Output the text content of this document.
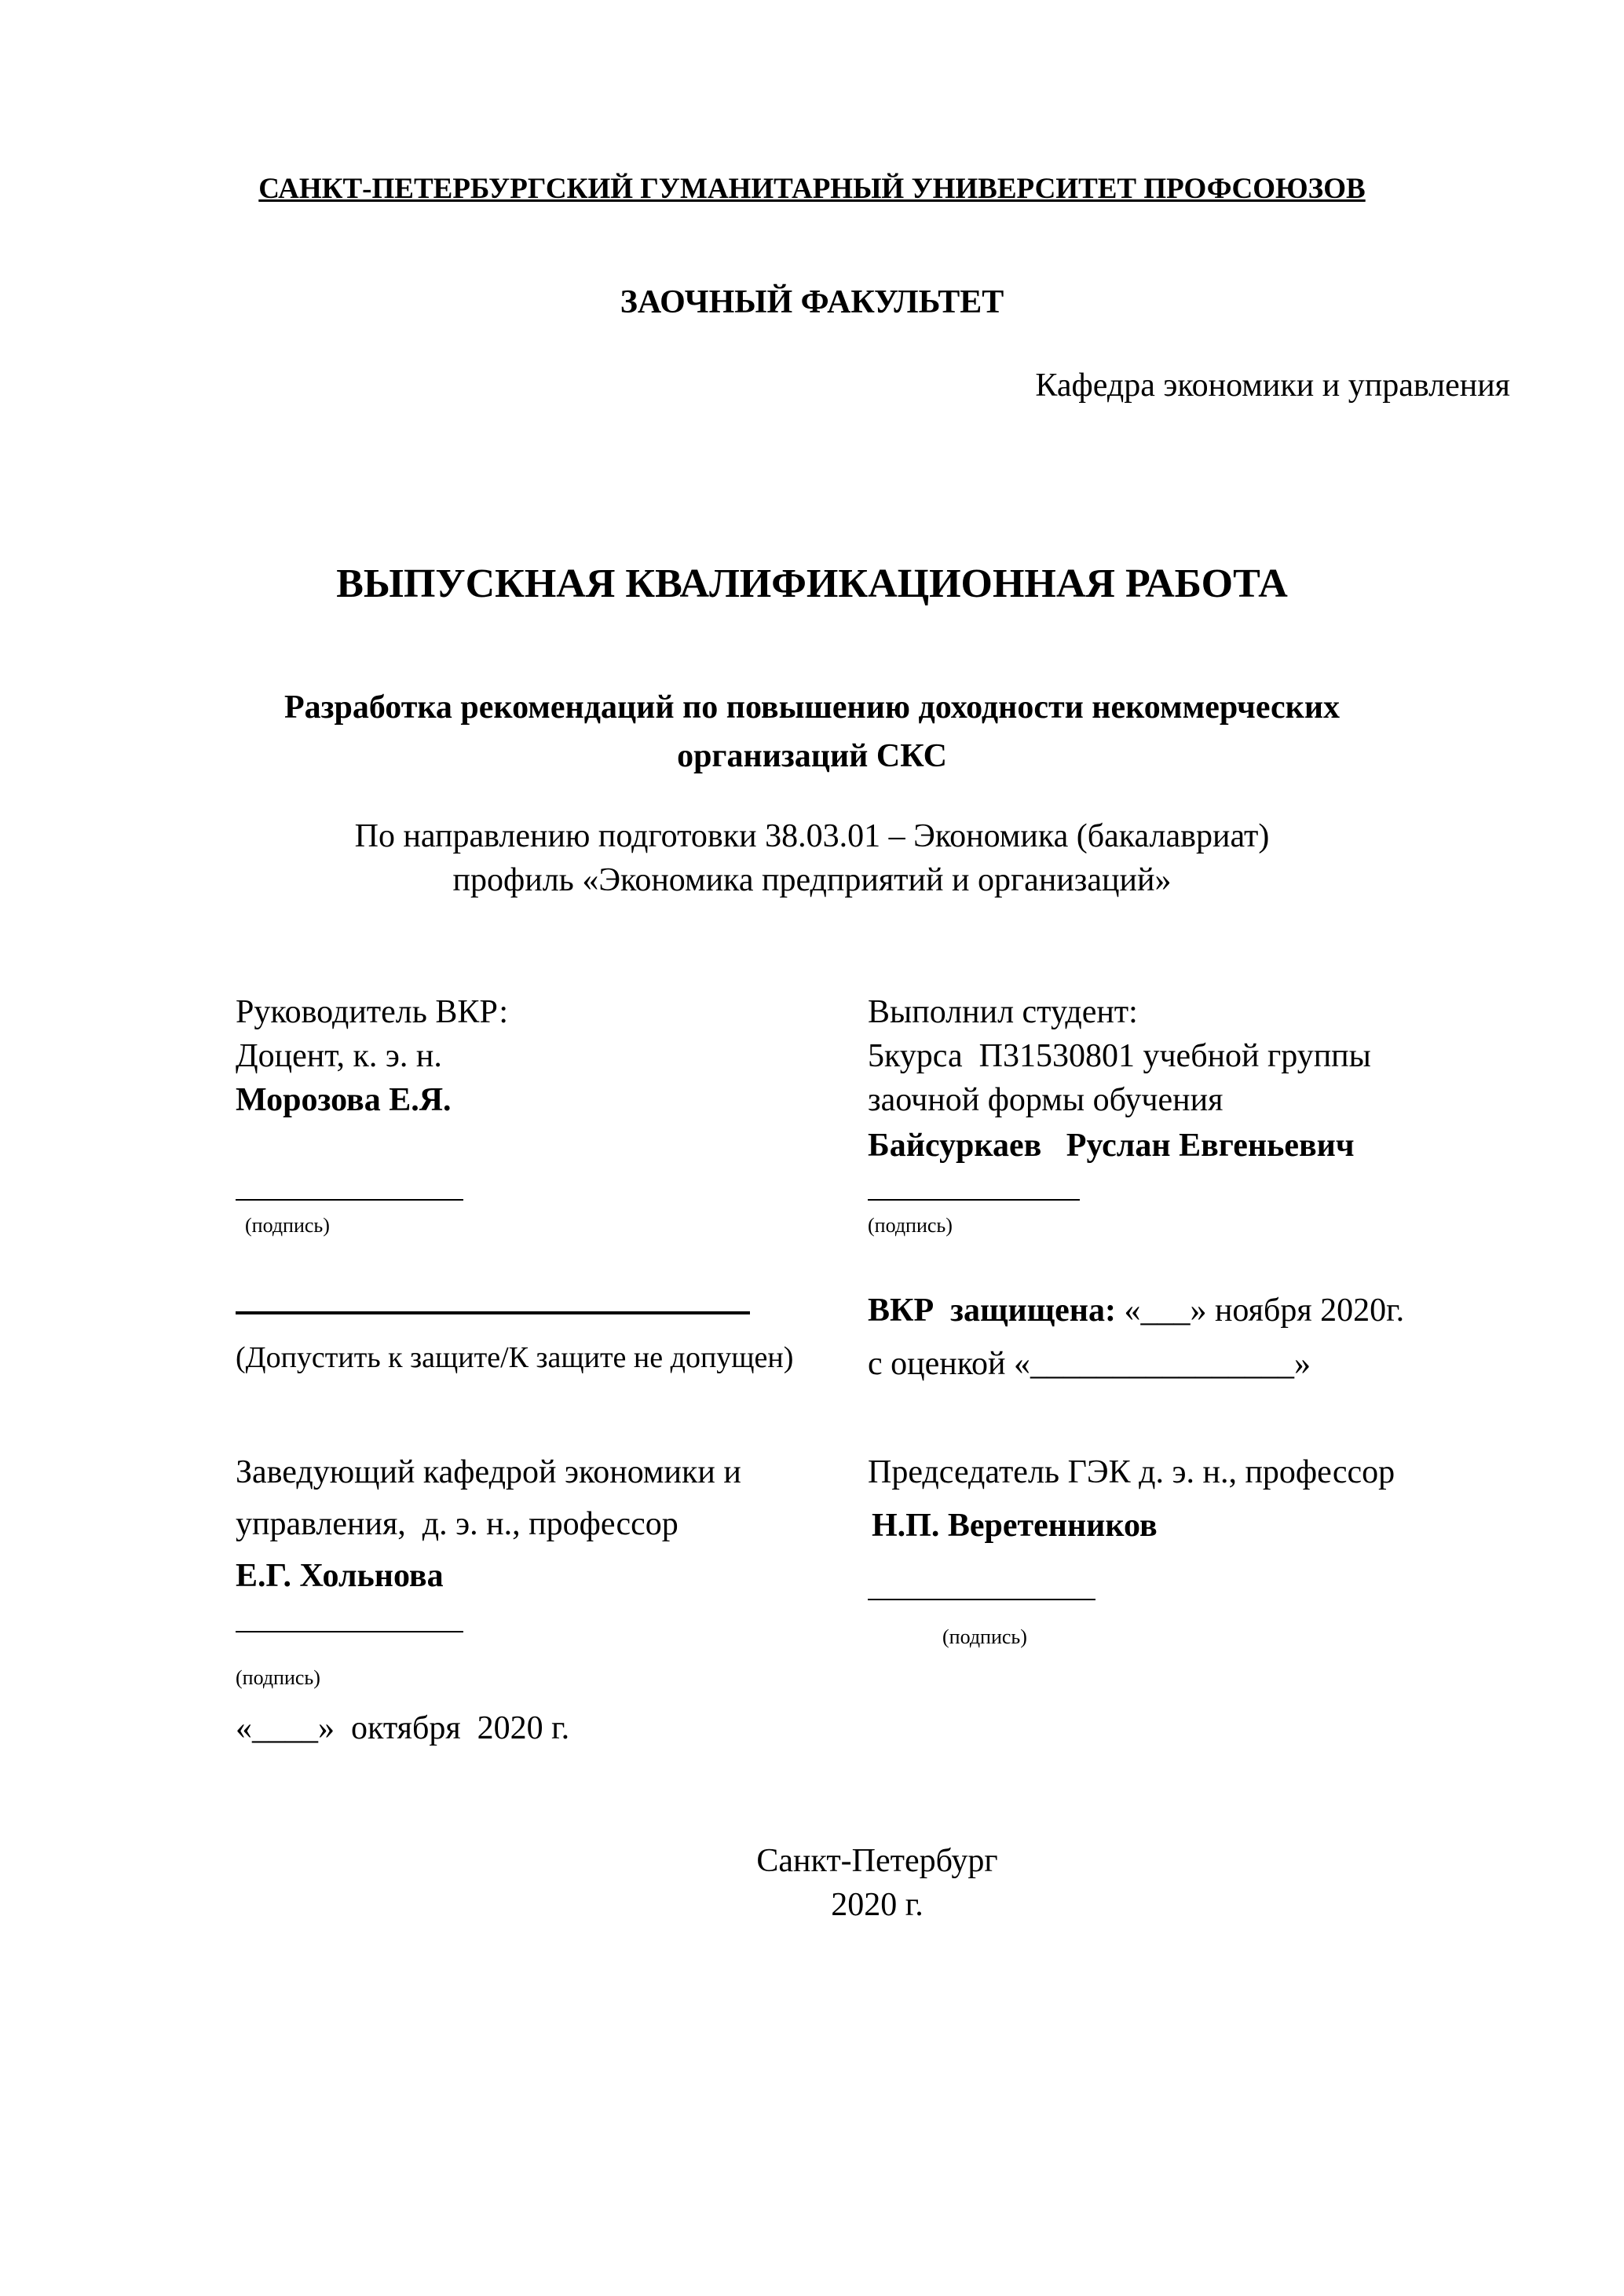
САНКТ-ПЕТЕРБУРГСКИЙ ГУМАНИТАРНЫЙ УНИВЕРСИТЕТ ПРОФСОЮЗОВ
ЗАОЧНЫЙ ФАКУЛЬТЕТ
Кафедра экономики и управления
ВЫПУСКНАЯ КВАЛИФИКАЦИОННАЯ РАБОТА
Разработка рекомендаций по повышению доходности некоммерческих
организаций СКС
По направлению подготовки 38.03.01 – Экономика (бакалавриат)
профиль «Экономика предприятий и организаций»
Руководитель ВКР:
Доцент, к. э. н.
Морозова Е.Я.
(подпись)
(Допустить к защите/К защите не допущен)
Выполнил студент:
5курса  П31530801 учебной группы
заочной формы обучения
Байсуркаев   Руслан Евгеньевич
(подпись)
ВКР  защищена: «___» ноября 2020г.
с оценкой «________________»
Заведующий кафедрой экономики и
управления,  д. э. н., профессор
Е.Г. Хольнова
(подпись)
«____»  октября  2020 г.
Председатель ГЭК д. э. н., профессор
Н.П. Веретенников
(подпись)
Санкт-Петербург
2020 г.
